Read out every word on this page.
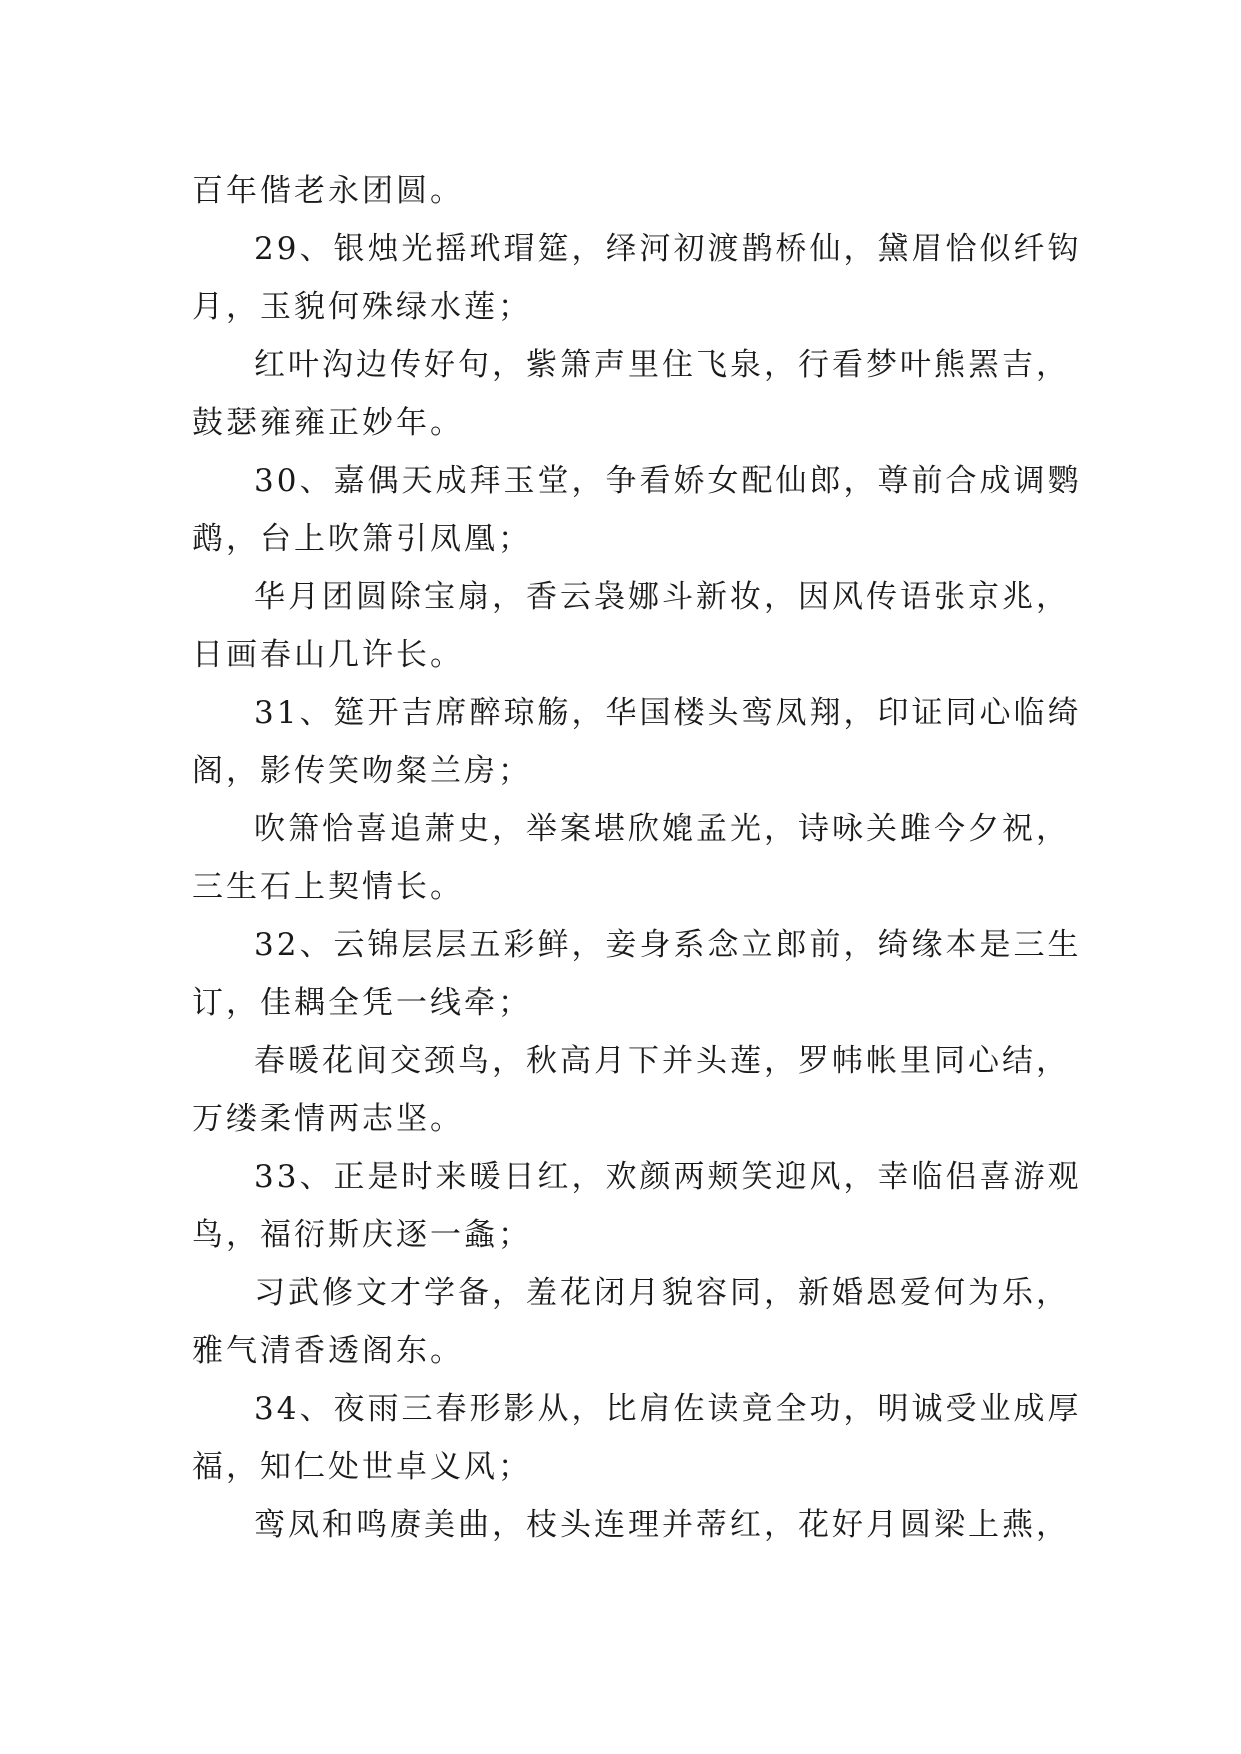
百年偕老永团圆。
29、银烛光摇玳瑁筵，绎河初渡鹊桥仙，黛眉恰似纤钩
月，玉貌何殊绿水莲；
红叶沟边传好句，紫箫声里住飞泉，行看梦叶熊罴吉，
鼓瑟雍雍正妙年。
30、嘉偶天成拜玉堂，争看娇女配仙郎，尊前合成调鹦
鹉，台上吹箫引凤凰；
华月团圆除宝扇，香云袅娜斗新妆，因风传语张京兆，
日画春山几许长。
31、筵开吉席醉琼觞，华国楼头鸾凤翔，印证同心临绮
阁，影传笑吻粲兰房；
吹箫恰喜追萧史，举案堪欣媲孟光，诗咏关雎今夕祝，
三生石上契情长。
32、云锦层层五彩鲜，妾身系念立郎前，绮缘本是三生
订，佳耦全凭一线牵；
春暖花间交颈鸟，秋高月下并头莲，罗帏帐里同心结，
万缕柔情两志坚。
33、正是时来暖日红，欢颜两颊笑迎风，幸临侣喜游观
鸟，福衍斯庆逐一螽；
习武修文才学备，羞花闭月貌容同，新婚恩爱何为乐，
雅气清香透阁东。
34、夜雨三春形影从，比肩佐读竟全功，明诚受业成厚
福，知仁处世卓义风；
鸾凤和鸣赓美曲，枝头连理并蒂红，花好月圆梁上燕，
